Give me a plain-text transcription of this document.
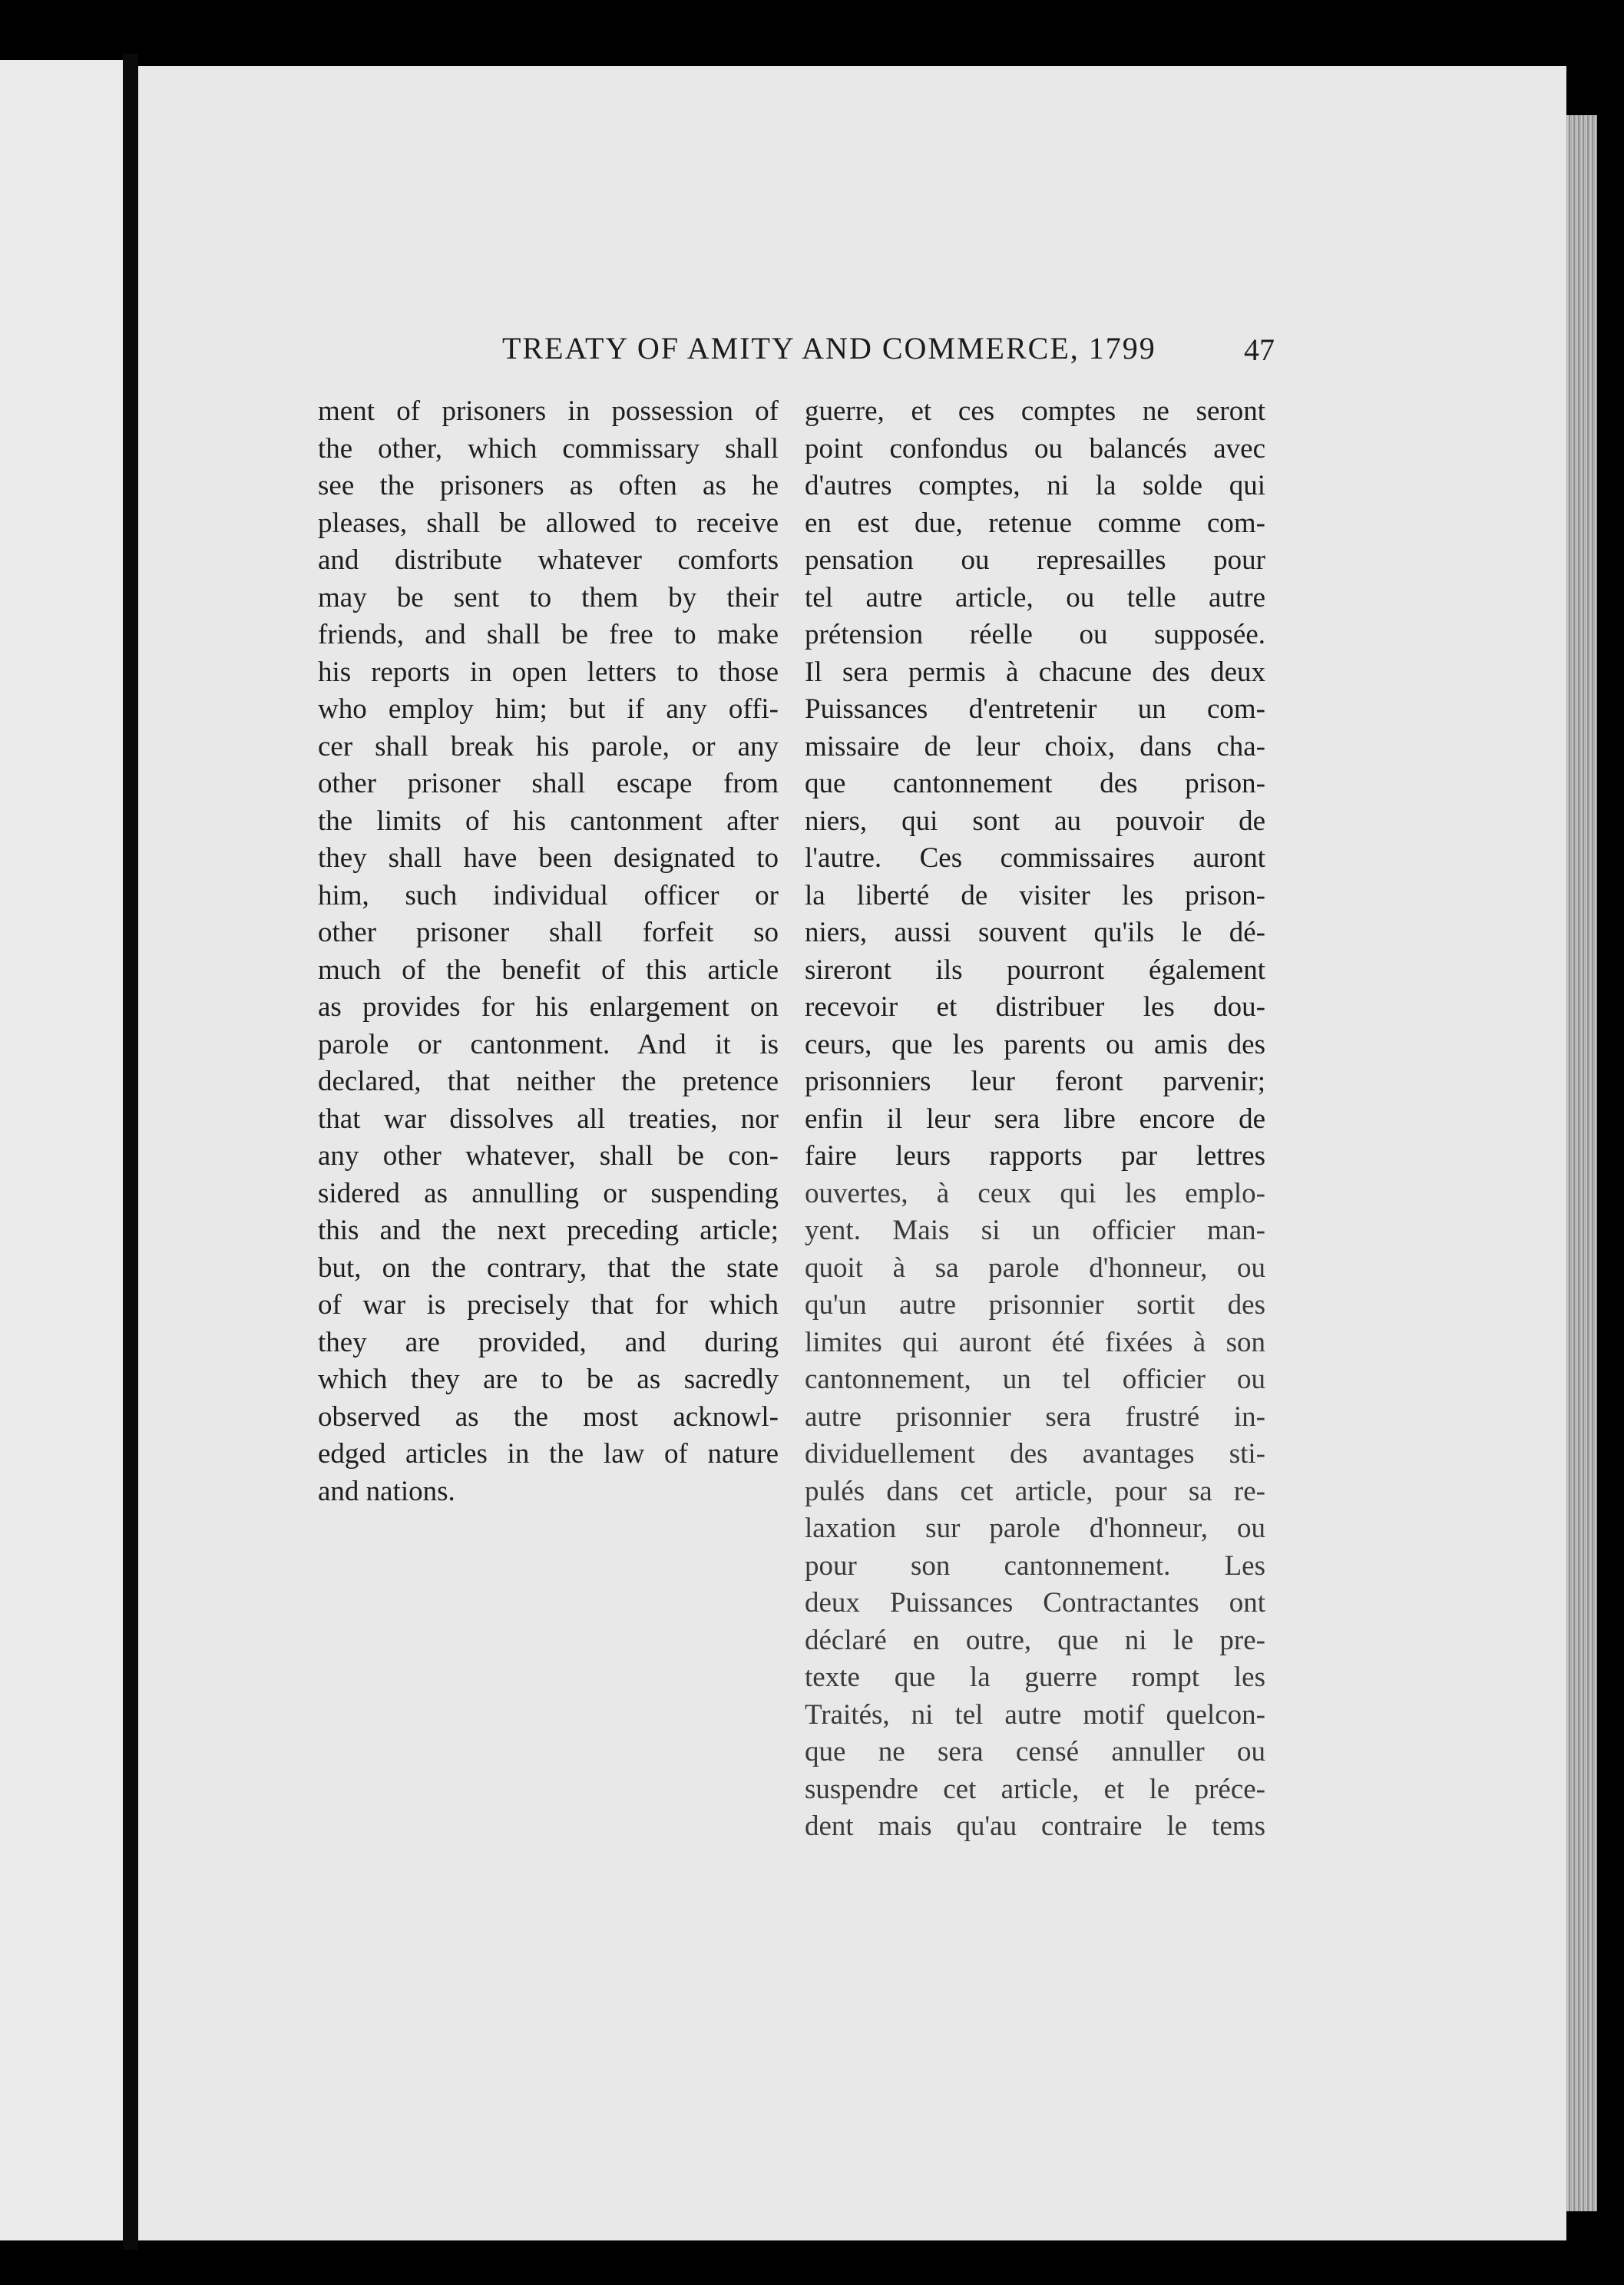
TREATY OF AMITY AND COMMERCE, 1799	47
ment of prisoners in possession of
the other, which commissary shall
see the prisoners as often as he
pleases, shall be allowed to receive
and distribute whatever comforts
may be sent to them by their
friends, and shall be free to make
his reports in open letters to those
who employ him; but if any offi-
cer shall break his parole, or any
other prisoner shall escape from
the limits of his cantonment after
they shall have been designated to
him, such individual officer or
other prisoner shall forfeit so
much of the benefit of this article
as provides for his enlargement on
parole or cantonment. And it is
declared, that neither the pretence
that war dissolves all treaties, nor
any other whatever, shall be con-
sidered as annulling or suspending
this and the next preceding article;
but, on the contrary, that the state
of war is precisely that for which
they are provided, and during
which they are to be as sacredly
observed as the most acknowl-
edged articles in the law of nature
and nations.
guerre, et ces comptes ne seront
point confondus ou balancés avec
d'autres comptes, ni la solde qui
en est due, retenue comme com-
pensation ou represailles pour
tel autre article, ou telle autre
prétension réelle ou supposée.
Il sera permis à chacune des deux
Puissances d'entretenir un com-
missaire de leur choix, dans cha-
que cantonnement des prison-
niers, qui sont au pouvoir de
l'autre. Ces commissaires auront
la liberté de visiter les prison-
niers, aussi souvent qu'ils le dé-
sireront ils pourront également
recevoir et distribuer les dou-
ceurs, que les parents ou amis des
prisonniers leur feront parvenir;
enfin il leur sera libre encore de
faire leurs rapports par lettres
ouvertes, à ceux qui les emplo-
yent. Mais si un officier man-
quoit à sa parole d'honneur, ou
qu'un autre prisonnier sortit des
limites qui auront été fixées à son
cantonnement, un tel officier ou
autre prisonnier sera frustré in-
dividuellement des avantages sti-
pulés dans cet article, pour sa re-
laxation sur parole d'honneur, ou
pour son cantonnement. Les
deux Puissances Contractantes ont
déclaré en outre, que ni le pre-
texte que la guerre rompt les
Traités, ni tel autre motif quelcon-
que ne sera censé annuller ou
suspendre cet article, et le préce-
dent mais qu'au contraire le tems
